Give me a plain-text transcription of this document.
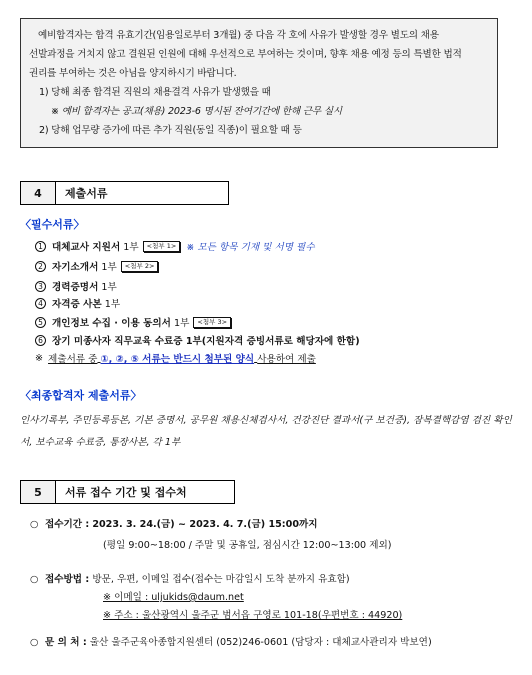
예비합격자는 합격 유효기간(임용일로부터 3개월) 중 다음 각 호에 사유가 발생할 경우 별도의 채용

선발과정을 거치지 않고 결원된 인원에 대해 우선적으로 부여하는 것이며, 향후 채용 예정 등의 특별한 법적

권리를 부여하는 것은 아님을 양지하시기 바랍니다.

1) 당해 최종 합격된 직원의 채용결격 사유가 발생했을 때

※ 예비 합격자는 공고(채용) 2023-6 명시된 잔여기간에 한해 근무 실시

2) 당해 업무량 증가에 따른 추가 직원(동일 직종)이 필요할 때 등

4	제출서류
〈필수서류〉
1 대체교사 지원서
1부	<첨부 1>	※ 모든 항목 기재 및 서명 필수
2 자기소개서
1부	<첨부 2>
3 경력증명서
1부
4 자격증 사본
1부
5 개인정보 수집 · 이용 동의서
1부	<첨부 3>
6 장기 미종사자 직무교육 수료증 1부(지원자격 증빙서류로 해당자에 한함)
※ 제출서류 중
①, ②, ⑤ 서류는 반드시 첨부된 양식
사용하여 제출
〈최종합격자 제출서류〉
인사기록부, 주민등록등본, 기본 증명서, 공무원 채용신체검사서, 건강진단 결과서(구 보건증), 잠복결핵감염 검진 확인서, 보수교육 수료증, 통장사본, 각 1부
5	서류 접수 기간 및 접수처
○ 접수기간 : 2023. 3. 24.(금) ~ 2023. 4. 7.(금) 15:00까지
(평일 9:00~18:00 / 주말 및 공휴일, 점심시간 12:00~13:00 제외)
○ 접수방법 : 방문, 우편, 이메일 접수(접수는 마감일시 도착 분까지 유효함)
※ 이메일 : uljukids@daum.net
※ 주소 : 울산광역시 울주군 범서읍 구영로 101-18(우편번호 : 44920)
○ 문 의 처 : 울산 울주군육아종합지원센터 (052)246-0601 (담당자 : 대체교사관리자 박보연)
